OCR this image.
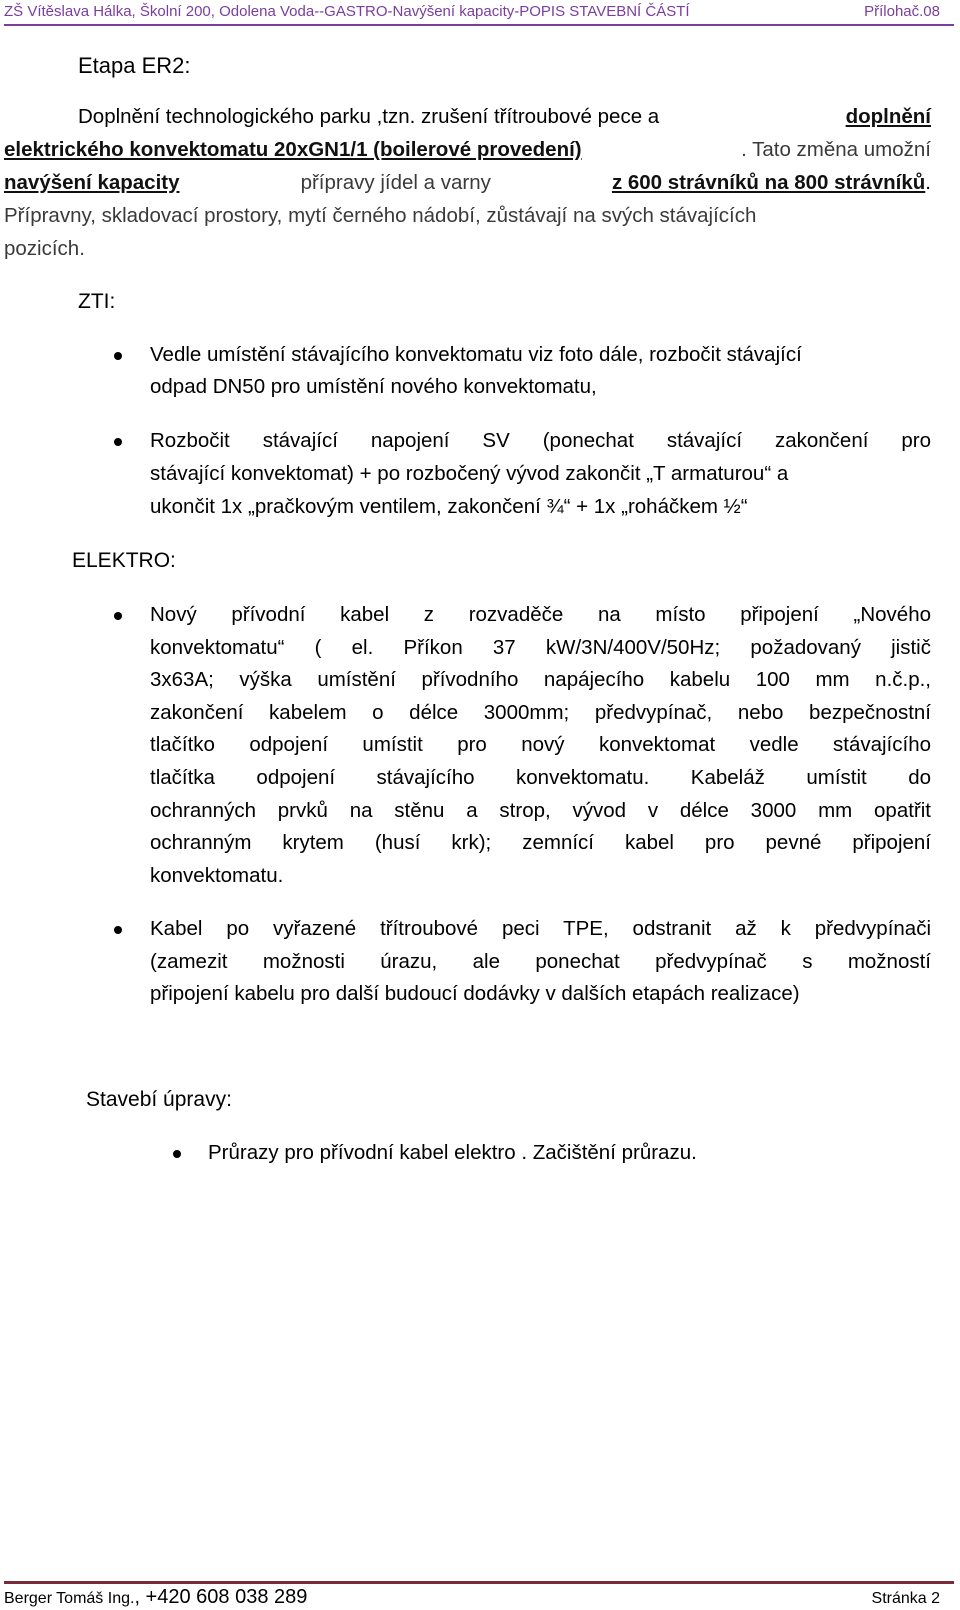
ZŠ Vítěslava Hálka, Školní 200, Odolena Voda--GASTRO-Navýšení kapacity-POPIS STAVEBNÍ ČÁSTÍ	Přílohač.08
Etapa ER2:
Doplnění technologického parku ,tzn. zrušení třítroubové pece a	doplnění
elektrického konvektomatu 20xGN1/1 (boilerové provedení)	. Tato změna umožní
navýšení kapacity	přípravy jídel a varny	z 600 strávníků na 800 strávníků.
Přípravny, skladovací prostory, mytí černého nádobí, zůstávají na svých stávajících
pozicích.
ZTI:
Vedle umístění stávajícího konvektomatu viz foto dále, rozbočit stávající
odpad DN50 pro umístění nového konvektomatu,
Rozbočit stávající napojení SV (ponechat stávající zakončení pro
stávající konvektomat) + po rozbočený vývod zakončit „T armaturou“ a
ukončit 1x „pračkovým ventilem, zakončení ¾“ + 1x „roháčkem ½“
ELEKTRO:
Nový přívodní kabel z rozvaděče na místo připojení „Nového
konvektomatu“ ( el. Příkon 37 kW/3N/400V/50Hz; požadovaný jistič
3x63A; výška umístění přívodního napájecího kabelu 100 mm n.č.p.,
zakončení kabelem o délce 3000mm; předvypínač, nebo bezpečnostní
tlačítko odpojení umístit pro nový konvektomat vedle stávajícího
tlačítka odpojení stávajícího konvektomatu. Kabeláž umístit do
ochranných prvků na stěnu a strop, vývod v délce 3000 mm opatřit
ochranným krytem (husí krk); zemnící kabel pro pevné připojení
konvektomatu.
Kabel po vyřazené třítroubové peci TPE, odstranit až k předvypínači
(zamezit možnosti úrazu, ale ponechat předvypínač s možností
připojení kabelu pro další budoucí dodávky v dalších etapách realizace)
Stavebí úpravy:
Průrazy pro přívodní kabel elektro . Začištění průrazu.
Berger Tomáš Ing., +420 608 038 289	Stránka 2
